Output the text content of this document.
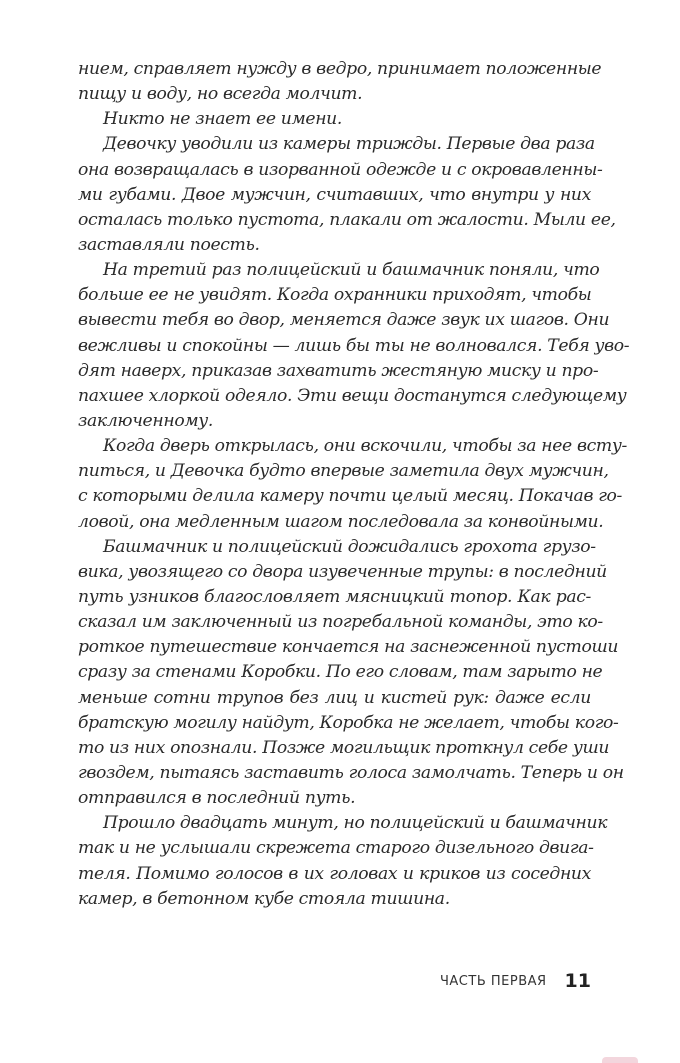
нием, справляет нужду в ведро, принимает положенные
пищу и воду, но всегда молчит.
Никто не знает ее имени.
Девочку уводили из камеры трижды. Первые два раза
она возвращалась в изорванной одежде и с окровавленны-
ми губами. Двое мужчин, считавших, что внутри у них
осталась только пустота, плакали от жалости. Мыли ее,
заставляли поесть.
На третий раз полицейский и башмачник поняли, что
больше ее не увидят. Когда охранники приходят, чтобы
вывести тебя во двор, меняется даже звук их шагов. Они
вежливы и спокойны — лишь бы ты не волновался. Тебя уво-
дят наверх, приказав захватить жестяную миску и про-
пахшее хлоркой одеяло. Эти вещи достанутся следующему
заключенному.
Когда дверь открылась, они вскочили, чтобы за нее всту-
питься, и Девочка будто впервые заметила двух мужчин,
с которыми делила камеру почти целый месяц. Покачав го-
ловой, она медленным шагом последовала за конвойными.
Башмачник и полицейский дожидались грохота грузо-
вика, увозящего со двора изувеченные трупы: в последний
путь узников благословляет мясницкий топор. Как рас-
сказал им заключенный из погребальной команды, это ко-
роткое путешествие кончается на заснеженной пустоши
сразу за стенами Коробки. По его словам, там зарыто не
меньше сотни трупов без лиц и кистей рук: даже если
братскую могилу найдут, Коробка не желает, чтобы кого-
то из них опознали. Позже могильщик проткнул себе уши
гвоздем, пытаясь заставить голоса замолчать. Теперь и он
отправился в последний путь.
Прошло двадцать минут, но полицейский и башмачник
так и не услышали скрежета старого дизельного двига-
теля. Помимо голосов в их головах и криков из соседних
камер, в бетонном кубе стояла тишина.
ЧАСТЬ ПЕРВАЯ 11
